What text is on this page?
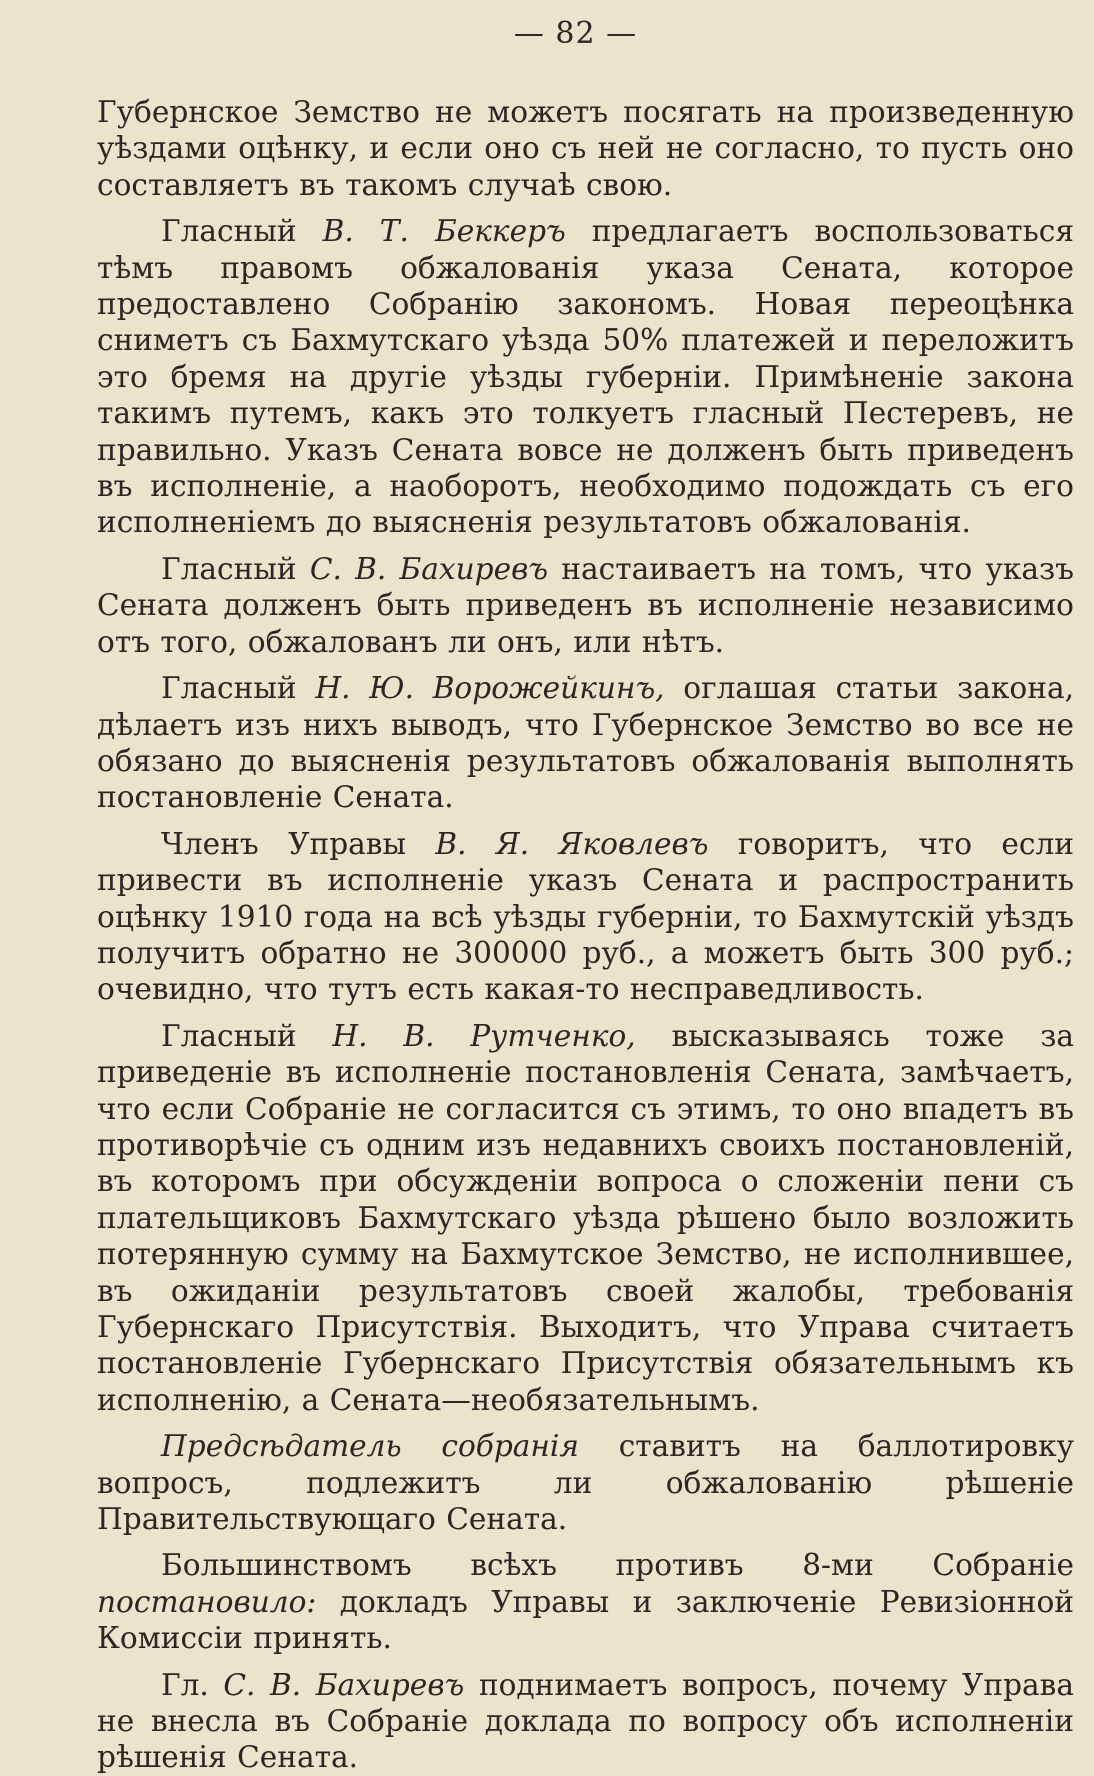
— 82 —

Губернское Земство не можетъ посягать на произведенную уѣздами оцѣнку, и если оно съ ней не согласно, то пусть оно составляетъ въ такомъ случаѣ свою.

Гласный В. Т. Беккеръ предлагаетъ воспользоваться тѣмъ правомъ обжалованія указа Сената, которое предоставлено Собранію закономъ. Новая переоцѣнка сниметъ съ Бахмутскаго уѣзда 50% платежей и переложитъ это бремя на другіе уѣзды губерніи. Примѣненіе закона такимъ путемъ, какъ это толкуетъ гласный Пестеревъ, не правильно. Указъ Сената вовсе не долженъ быть приведенъ въ исполненіе, а наоборотъ, необходимо подождать съ его исполненіемъ до выясненія результатовъ обжалованія.

Гласный С. В. Бахиревъ настаиваетъ на томъ, что указъ Сената долженъ быть приведенъ въ исполненіе независимо отъ того, обжалованъ ли онъ, или нѣтъ.

Гласный Н. Ю. Ворожейкинъ, оглашая статьи закона, дѣлаетъ изъ нихъ выводъ, что Губернское Земство во все не обязано до выясненія результатовъ обжалованія выполнять постановленіе Сената.

Членъ Управы В. Я. Яковлевъ говоритъ, что если привести въ исполненіе указъ Сената и распространить оцѣнку 1910 года на всѣ уѣзды губерніи, то Бахмутскій уѣздъ получитъ обратно не 300000 руб., а можетъ быть 300 руб.; очевидно, что тутъ есть какая-то несправедливость.

Гласный Н. В. Рутченко, высказываясь тоже за приведеніе въ исполненіе постановленія Сената, замѣчаетъ, что если Собраніе не согласится съ этимъ, то оно впадетъ въ противорѣчіе съ одним изъ недавнихъ своихъ постановленій, въ которомъ при обсужденіи вопроса о сложеніи пени съ плательщиковъ Бахмутскаго уѣзда рѣшено было возложить потерянную сумму на Бахмутское Земство, не исполнившее, въ ожиданіи результатовъ своей жалобы, требованія Губернскаго Присутствія. Выходитъ, что Управа считаетъ постановленіе Губернскаго Присутствія обязательнымъ къ исполненію, а Сената—необязательнымъ.

Предсѣдатель собранія ставитъ на баллотировку вопросъ, подлежитъ ли обжалованію рѣшеніе Правительствующаго Сената.

Большинствомъ всѣхъ противъ 8-ми Собраніе постановило: докладъ Управы и заключеніе Ревизіонной Комиссіи принять.

Гл. С. В. Бахиревъ поднимаетъ вопросъ, почему Управа не внесла въ Собраніе доклада по вопросу объ исполненіи рѣшенія Сената.
